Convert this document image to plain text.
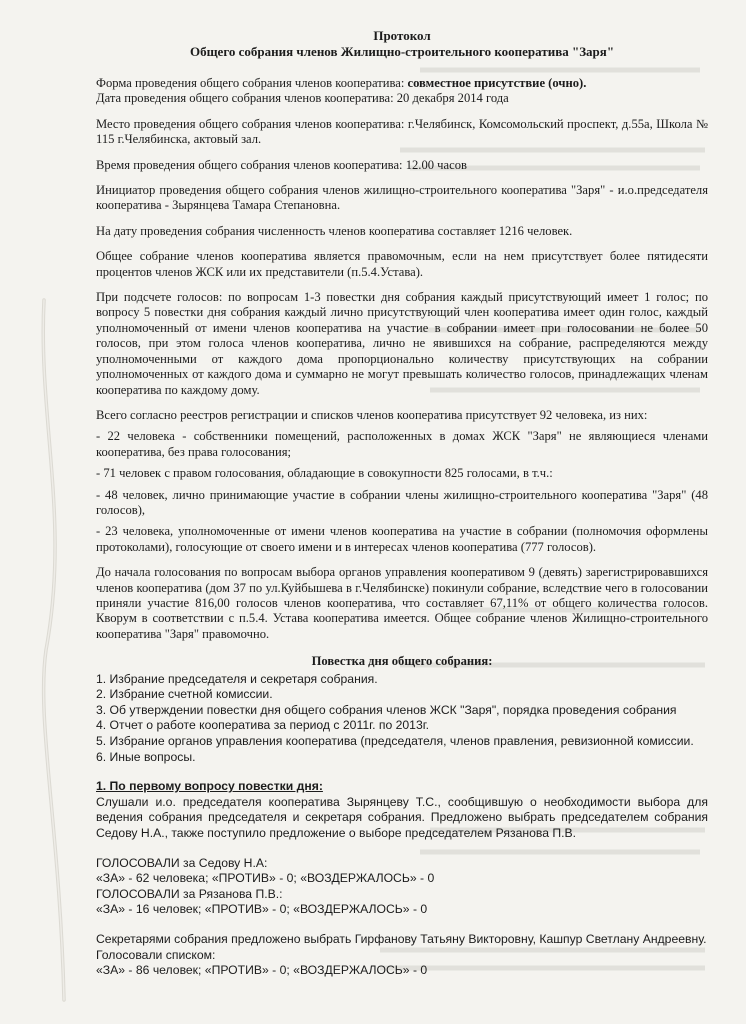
Протокол
Общего собрания членов Жилищно-строительного кооператива "Заря"
Форма проведения общего собрания членов кооператива: совместное присутствие (очно).

Дата проведения общего собрания членов кооператива: 20 декабря 2014 года

Место проведения общего собрания членов кооператива: г.Челябинск, Комсомольский проспект, д.55а, Школа № 115 г.Челябинска, актовый зал.

Время проведения общего собрания членов кооператива: 12.00 часов

Инициатор проведения общего собрания членов жилищно-строительного кооператива "Заря" - и.о.председателя кооператива - Зырянцева Тамара Степановна.

На дату проведения собрания численность членов кооператива составляет 1216 человек.

Общее собрание членов кооператива является правомочным, если на нем присутствует более пятидесяти процентов членов ЖСК или их представители (п.5.4.Устава).

При подсчете голосов: по вопросам 1-3 повестки дня собрания каждый присутствующий имеет 1 голос; по вопросу 5 повестки дня собрания каждый лично присутствующий член кооператива имеет один голос, каждый уполномоченный от имени членов кооператива на участие в собрании имеет при голосовании не более 50 голосов, при этом голоса членов кооператива, лично не явившихся на собрание, распределяются между уполномоченными от каждого дома пропорционально количеству присутствующих на собрании уполномоченных от каждого дома и суммарно не могут превышать количество голосов, принадлежащих членам кооператива по каждому дому.

Всего согласно реестров регистрации и списков членов кооператива присутствует 92 человека, из них:

- 22 человека - собственники помещений, расположенных в домах ЖСК "Заря" не являющиеся членами кооператива, без права голосования;

- 71 человек с правом голосования, обладающие в совокупности 825 голосами, в т.ч.:

- 48 человек, лично принимающие участие в собрании члены жилищно-строительного кооператива "Заря" (48 голосов),

- 23 человека, уполномоченные от имени членов кооператива на участие в собрании (полномочия оформлены протоколами), голосующие от своего имени и в интересах членов кооператива (777 голосов).

До начала голосования по вопросам выбора органов управления кооперативом 9 (девять) зарегистрировавшихся членов кооператива (дом 37 по ул.Куйбышева в г.Челябинске) покинули собрание, вследствие чего в голосовании приняли участие 816,00 голосов членов кооператива, что составляет 67,11% от общего количества голосов. Кворум в соответствии с п.5.4. Устава кооператива имеется. Общее собрание членов Жилищно-строительного кооператива "Заря" правомочно.

Повестка дня общего собрания:
1. Избрание председателя и секретаря собрания.
2. Избрание счетной комиссии.
3. Об утверждении повестки дня общего собрания членов ЖСК "Заря", порядка проведения собрания
4. Отчет о работе кооператива за период с 2011г. по 2013г.
5. Избрание органов управления кооператива (председателя, членов правления, ревизионной комиссии.
6. Иные вопросы.
1. По первому вопросу повестки дня:

Слушали и.о. председателя кооператива Зырянцеву Т.С., сообщившую о необходимости выбора для ведения собрания председателя и секретаря собрания. Предложено выбрать председателем собрания Седову Н.А., также поступило предложение о выборе председателем Рязанова П.В.

ГОЛОСОВАЛИ за Седову Н.А:

«ЗА» - 62 человека; «ПРОТИВ» - 0; «ВОЗДЕРЖАЛОСЬ» - 0

ГОЛОСОВАЛИ за Рязанова П.В.:

«ЗА» - 16 человек; «ПРОТИВ» - 0; «ВОЗДЕРЖАЛОСЬ» - 0

Секретарями собрания предложено выбрать Гирфанову Татьяну Викторовну, Кашпур Светлану Андреевну.

Голосовали списком:

«ЗА» - 86 человек; «ПРОТИВ» - 0; «ВОЗДЕРЖАЛОСЬ» - 0
